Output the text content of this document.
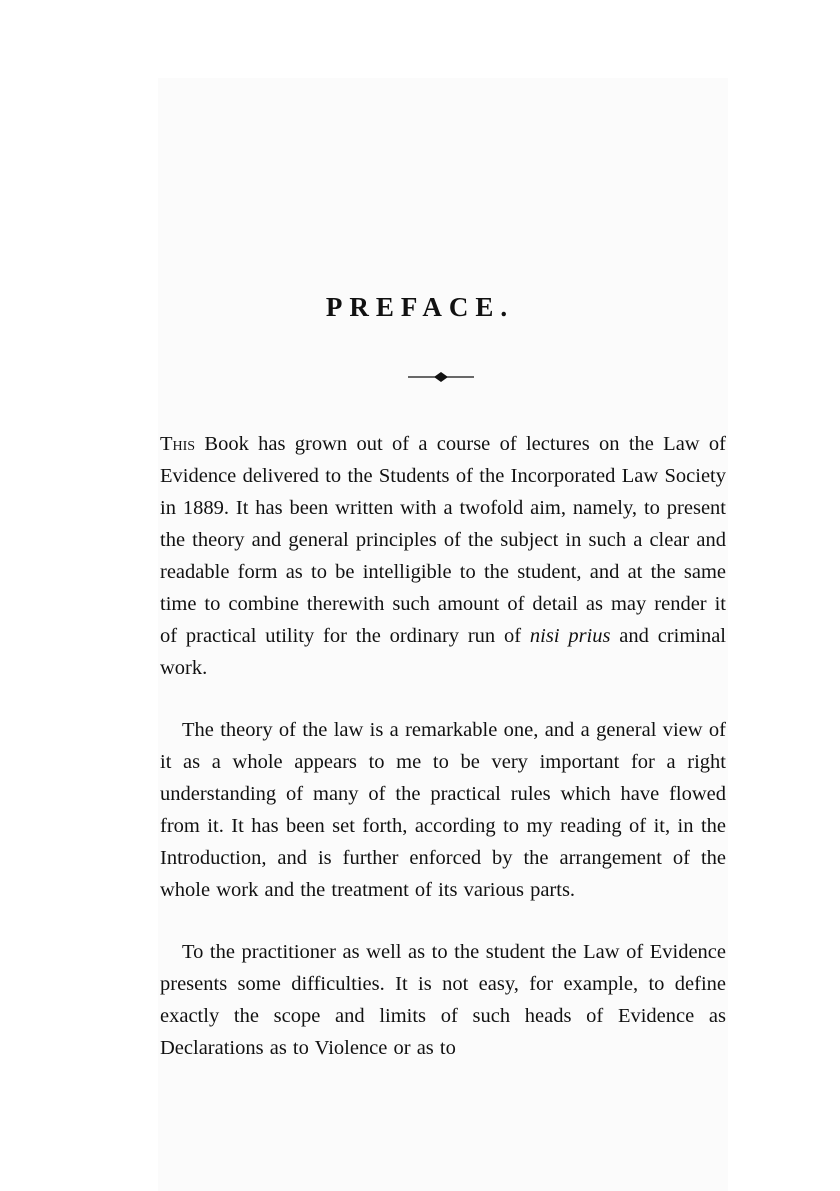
PREFACE.

This Book has grown out of a course of lectures on the Law of Evidence delivered to the Students of the Incorporated Law Society in 1889. It has been written with a twofold aim, namely, to present the theory and general principles of the subject in such a clear and readable form as to be intelligible to the student, and at the same time to combine therewith such amount of detail as may render it of practical utility for the ordinary run of nisi prius and criminal work.

The theory of the law is a remarkable one, and a general view of it as a whole appears to me to be very important for a right understanding of many of the practical rules which have flowed from it. It has been set forth, according to my reading of it, in the Introduction, and is further enforced by the arrangement of the whole work and the treatment of its various parts.

To the practitioner as well as to the student the Law of Evidence presents some difficulties. It is not easy, for example, to define exactly the scope and limits of such heads of Evidence as Declarations as to Violence or as to
